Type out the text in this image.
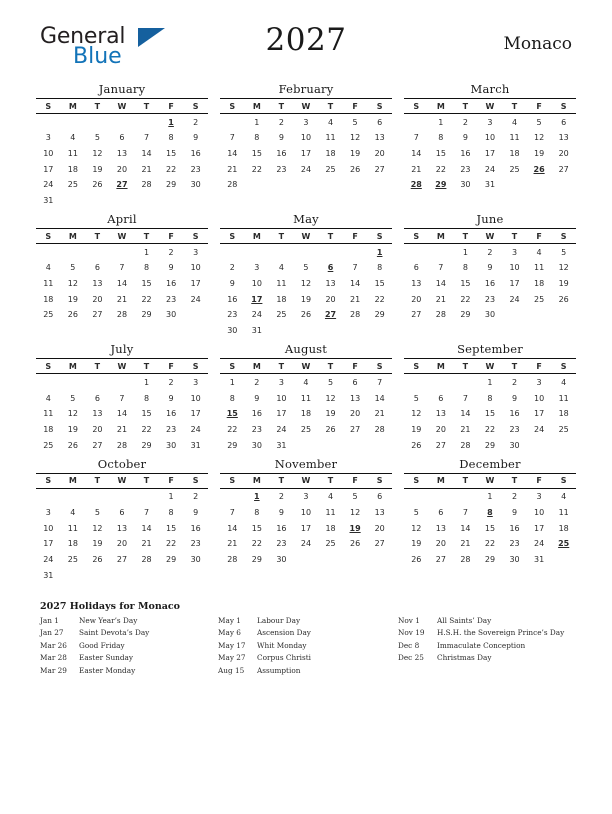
General
Blue	2027	Monaco
January
S	M	T	W	T	F	S
					1	2
3	4	5	6	7	8	9
10	11	12	13	14	15	16
17	18	19	20	21	22	23
24	25	26	27	28	29	30
31						
February
S	M	T	W	T	F	S
	1	2	3	4	5	6
7	8	9	10	11	12	13
14	15	16	17	18	19	20
21	22	23	24	25	26	27
28						
March
S	M	T	W	T	F	S
	1	2	3	4	5	6
7	8	9	10	11	12	13
14	15	16	17	18	19	20
21	22	23	24	25	26	27
28	29	30	31			
April
S	M	T	W	T	F	S
				1	2	3
4	5	6	7	8	9	10
11	12	13	14	15	16	17
18	19	20	21	22	23	24
25	26	27	28	29	30	
May
S	M	T	W	T	F	S
						1
2	3	4	5	6	7	8
9	10	11	12	13	14	15
16	17	18	19	20	21	22
23	24	25	26	27	28	29
30	31					
June
S	M	T	W	T	F	S
		1	2	3	4	5
6	7	8	9	10	11	12
13	14	15	16	17	18	19
20	21	22	23	24	25	26
27	28	29	30			
July
S	M	T	W	T	F	S
				1	2	3
4	5	6	7	8	9	10
11	12	13	14	15	16	17
18	19	20	21	22	23	24
25	26	27	28	29	30	31
August
S	M	T	W	T	F	S
1	2	3	4	5	6	7
8	9	10	11	12	13	14
15	16	17	18	19	20	21
22	23	24	25	26	27	28
29	30	31				
September
S	M	T	W	T	F	S
			1	2	3	4
5	6	7	8	9	10	11
12	13	14	15	16	17	18
19	20	21	22	23	24	25
26	27	28	29	30		
October
S	M	T	W	T	F	S
					1	2
3	4	5	6	7	8	9
10	11	12	13	14	15	16
17	18	19	20	21	22	23
24	25	26	27	28	29	30
31						
November
S	M	T	W	T	F	S
	1	2	3	4	5	6
7	8	9	10	11	12	13
14	15	16	17	18	19	20
21	22	23	24	25	26	27
28	29	30				
December
S	M	T	W	T	F	S
			1	2	3	4
5	6	7	8	9	10	11
12	13	14	15	16	17	18
19	20	21	22	23	24	25
26	27	28	29	30	31	
2027 Holidays for Monaco
Jan 1	New Year’s Day
Jan 27	Saint Devota’s Day
Mar 26	Good Friday
Mar 28	Easter Sunday
Mar 29	Easter Monday
May 1	Labour Day
May 6	Ascension Day
May 17	Whit Monday
May 27	Corpus Christi
Aug 15	Assumption
Nov 1	All Saints’ Day
Nov 19	H.S.H. the Sovereign Prince’s Day
Dec 8	Immaculate Conception
Dec 25	Christmas Day
